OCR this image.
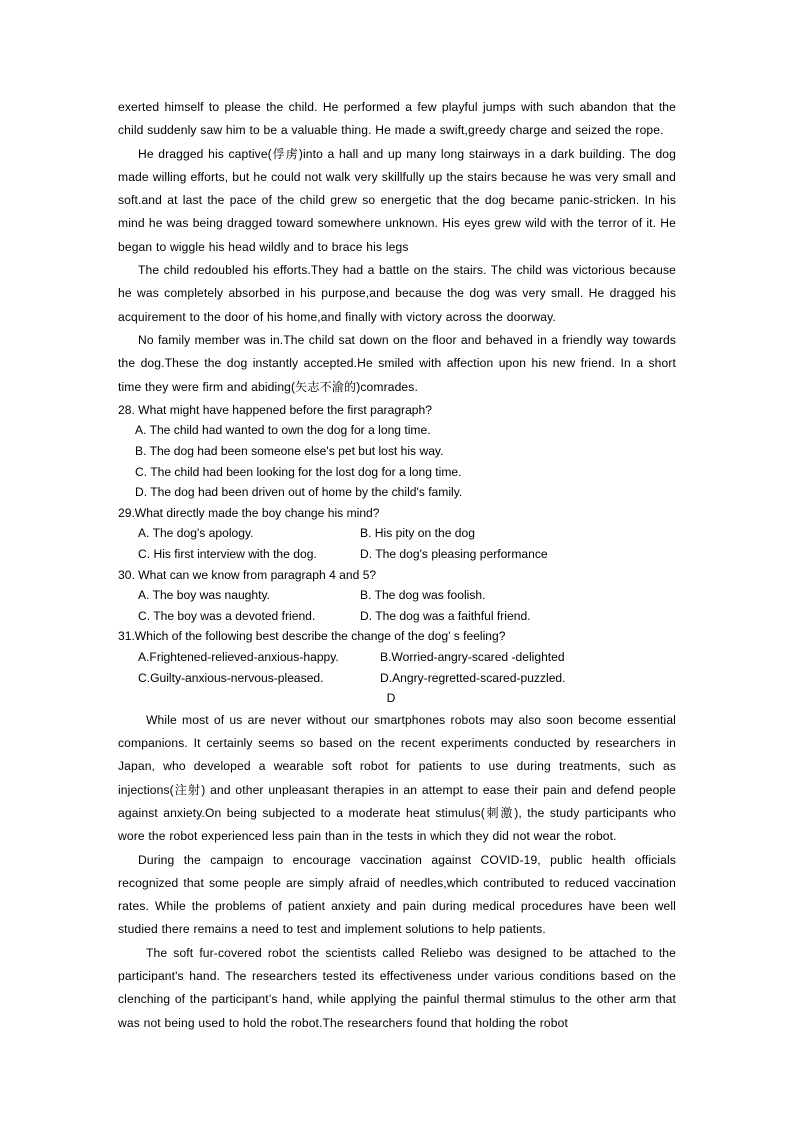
exerted himself to please the child. He performed a few playful jumps with such abandon that the child suddenly saw him to be a valuable thing. He made a swift,greedy charge and seized the rope.

He dragged his captive(俘虏)into a hall and up many long stairways in a dark building. The dog made willing efforts, but he could not walk very skillfully up the stairs because he was very small and soft.and at last the pace of the child grew so energetic that the dog became panic-stricken. In his mind he was being dragged toward somewhere unknown. His eyes grew wild with the terror of it. He began to wiggle his head wildly and to brace his legs

The child redoubled his efforts.They had a battle on the stairs. The child was victorious because he was completely absorbed in his purpose,and because the dog was very small. He dragged his acquirement to the door of his home,and finally with victory across the doorway.

No family member was in.The child sat down on the floor and behaved in a friendly way towards the dog.These the dog instantly accepted.He smiled with affection upon his new friend. In a short time they were firm and abiding(矢志不渝的)comrades.

28. What might have happened before the first paragraph?

A. The child had wanted to own the dog for a long time.

B. The dog had been someone else's pet but lost his way.

C. The child had been looking for the lost dog for a long time.

D. The dog had been driven out of home by the child's family.

29.What directly made the boy change his mind?

A. The dog's apology.	B. His pity on the dog
C. His first interview with the dog.	D. The dog's pleasing performance

30. What can we know from paragraph 4 and 5?

A. The boy was naughty.	B. The dog was foolish.
C. The boy was a devoted friend.	D. The dog was a faithful friend.

31.Which of the following best describe the change of the dog’ s feeling?

A.Frightened-relieved-anxious-happy.	B.Worried-angry-scared -delighted
C.Guilty-anxious-nervous-pleased.	D.Angry-regretted-scared-puzzled.

D

While most of us are never without our smartphones robots may also soon become essential companions. It certainly seems so based on the recent experiments conducted by researchers in Japan, who developed a wearable soft robot for patients to use during treatments, such as injections(注射) and other unpleasant therapies in an attempt to ease their pain and defend people against anxiety.On being subjected to a moderate heat stimulus(刺激), the study participants who wore the robot experienced less pain than in the tests in which they did not wear the robot.

During the campaign to encourage vaccination against COVID-19, public health officials recognized that some people are simply afraid of needles,which contributed to reduced vaccination rates. While the problems of patient anxiety and pain during medical procedures have been well studied there remains a need to test and implement solutions to help patients.

The soft fur-covered robot the scientists called Reliebo was designed to be attached to the participant's hand. The researchers tested its effectiveness under various conditions based on the clenching of the participant’s hand, while applying the painful thermal stimulus to the other arm that was not being used to hold the robot.The researchers found that holding the robot
